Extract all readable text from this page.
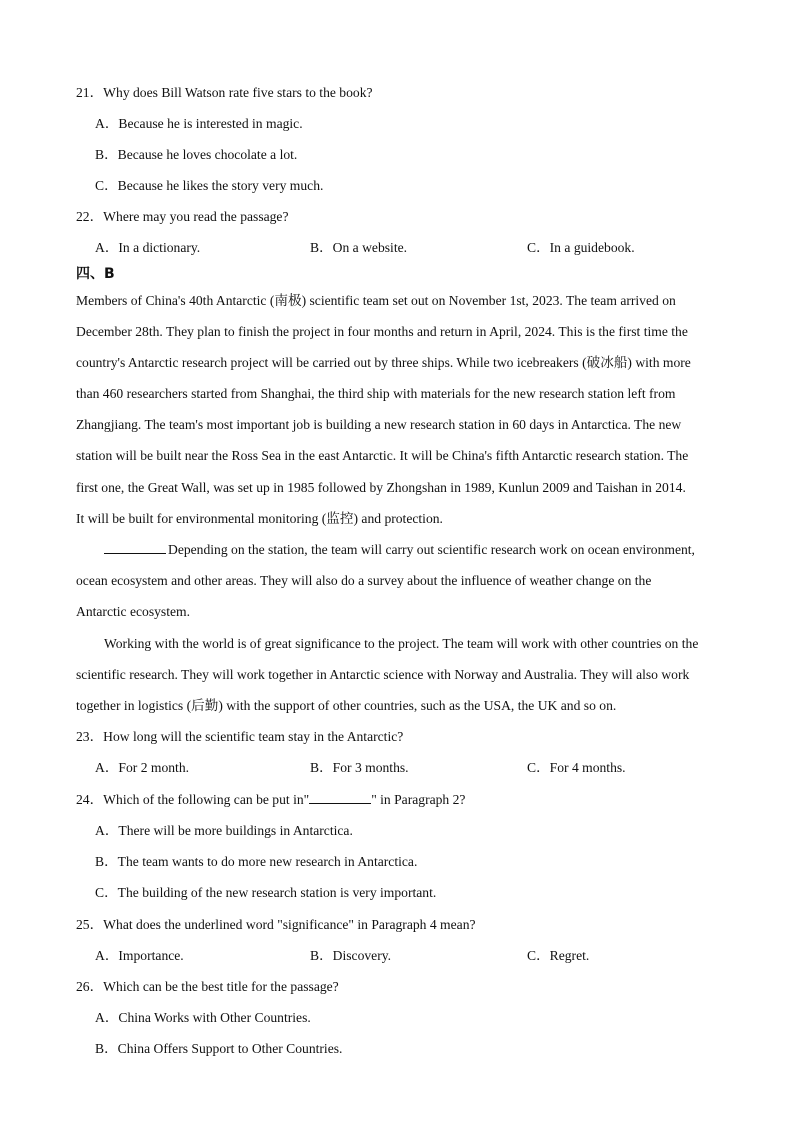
21．Why does Bill Watson rate five stars to the book?
A．Because he is interested in magic.
B．Because he loves chocolate a lot.
C．Because he likes the story very much.
22．Where may you read the passage?
A．In a dictionary.	B．On a website.	C．In a guidebook.
四、B
Members of China's 40th Antarctic (南极) scientific team set out on November 1st, 2023. The team arrived on
December 28th. They plan to finish the project in four months and return in April, 2024. This is the first time the
country's Antarctic research project will be carried out by three ships. While two icebreakers (破冰船) with more
than 460 researchers started from Shanghai, the third ship with materials for the new research station left from
Zhangjiang. The team's most important job is building a new research station in 60 days in Antarctica. The new
station will be built near the Ross Sea in the east Antarctic. It will be China's fifth Antarctic research station. The
first one, the Great Wall, was set up in 1985 followed by Zhongshan in 1989, Kunlun 2009 and Taishan in 2014.
It will be built for environmental monitoring (监控) and protection.
Depending on the station, the team will carry out scientific research work on ocean environment,
ocean ecosystem and other areas. They will also do a survey about the influence of weather change on the
Antarctic ecosystem.
Working with the world is of great significance to the project. The team will work with other countries on the
scientific research. They will work together in Antarctic science with Norway and Australia. They will also work
together in logistics (后勤) with the support of other countries, such as the USA, the UK and so on.
23．How long will the scientific team stay in the Antarctic?
A．For 2 month.	B．For 3 months.	C．For 4 months.
24．Which of the following can be put in"	" in Paragraph 2?
A．There will be more buildings in Antarctica.
B．The team wants to do more new research in Antarctica.
C．The building of the new research station is very important.
25．What does the underlined word "significance" in Paragraph 4 mean?
A．Importance.	B．Discovery.	C．Regret.
26．Which can be the best title for the passage?
A．China Works with Other Countries.
B．China Offers Support to Other Countries.
